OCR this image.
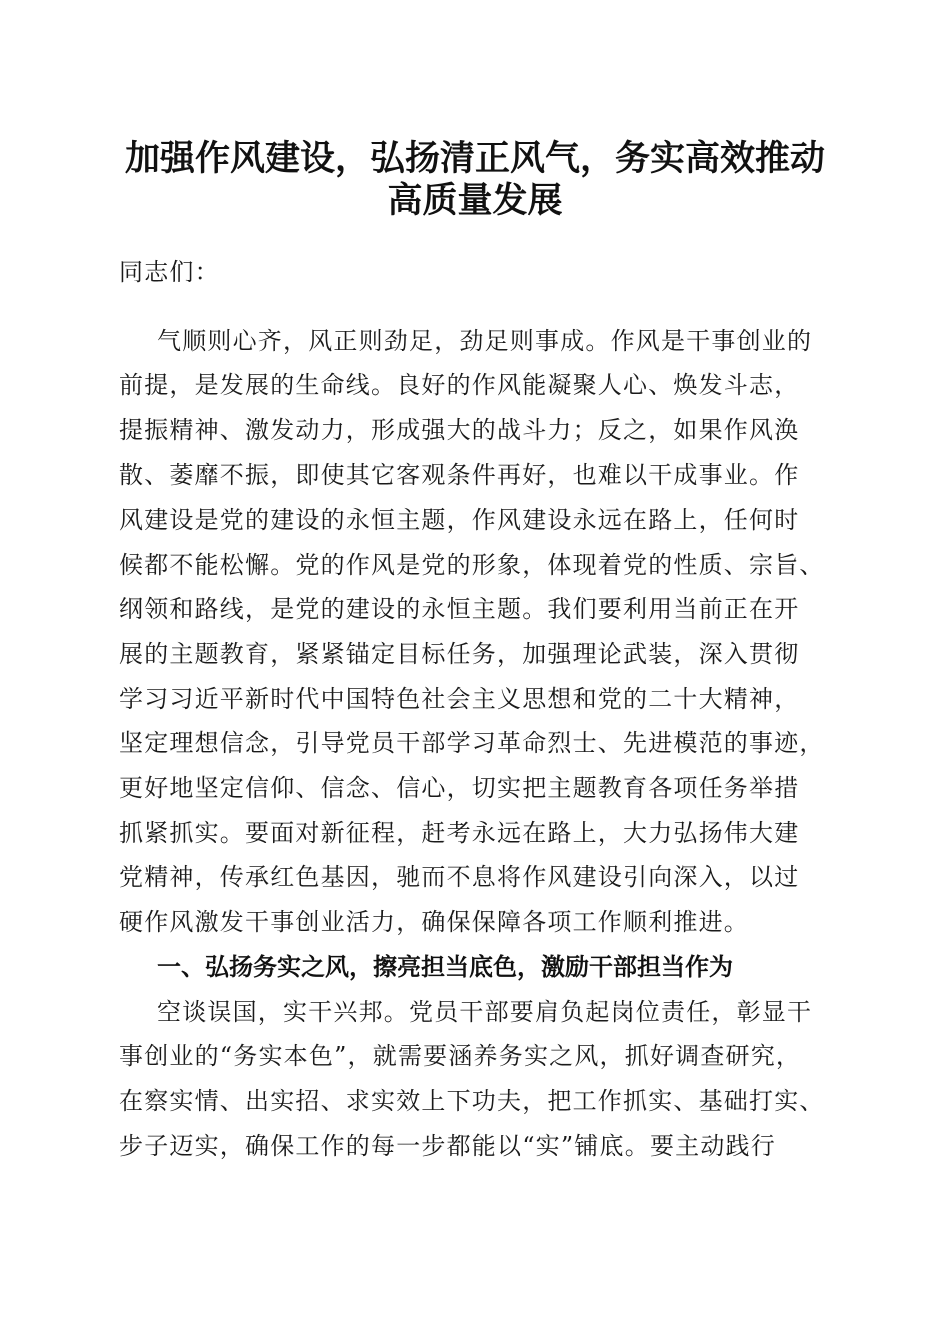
加强作风建设，弘扬清正风气，务实高效推动
高质量发展
同志们：
气顺则心齐，风正则劲足，劲足则事成。作风是干事创业的
前提，是发展的生命线。良好的作风能凝聚人心、焕发斗志，
提振精神、激发动力，形成强大的战斗力；反之，如果作风涣
散、萎靡不振，即使其它客观条件再好，也难以干成事业。作
风建设是党的建设的永恒主题，作风建设永远在路上，任何时
候都不能松懈。党的作风是党的形象，体现着党的性质、宗旨、
纲领和路线，是党的建设的永恒主题。我们要利用当前正在开
展的主题教育，紧紧锚定目标任务，加强理论武装，深入贯彻
学习习近平新时代中国特色社会主义思想和党的二十大精神，
坚定理想信念，引导党员干部学习革命烈士、先进模范的事迹，
更好地坚定信仰、信念、信心，切实把主题教育各项任务举措
抓紧抓实。要面对新征程，赶考永远在路上，大力弘扬伟大建
党精神，传承红色基因，驰而不息将作风建设引向深入，以过
硬作风激发干事创业活力，确保保障各项工作顺利推进。
一、弘扬务实之风，擦亮担当底色，激励干部担当作为
空谈误国，实干兴邦。党员干部要肩负起岗位责任，彰显干
事创业的“务实本色”，就需要涵养务实之风，抓好调查研究，
在察实情、出实招、求实效上下功夫，把工作抓实、基础打实、
步子迈实，确保工作的每一步都能以“实”铺底。要主动践行
